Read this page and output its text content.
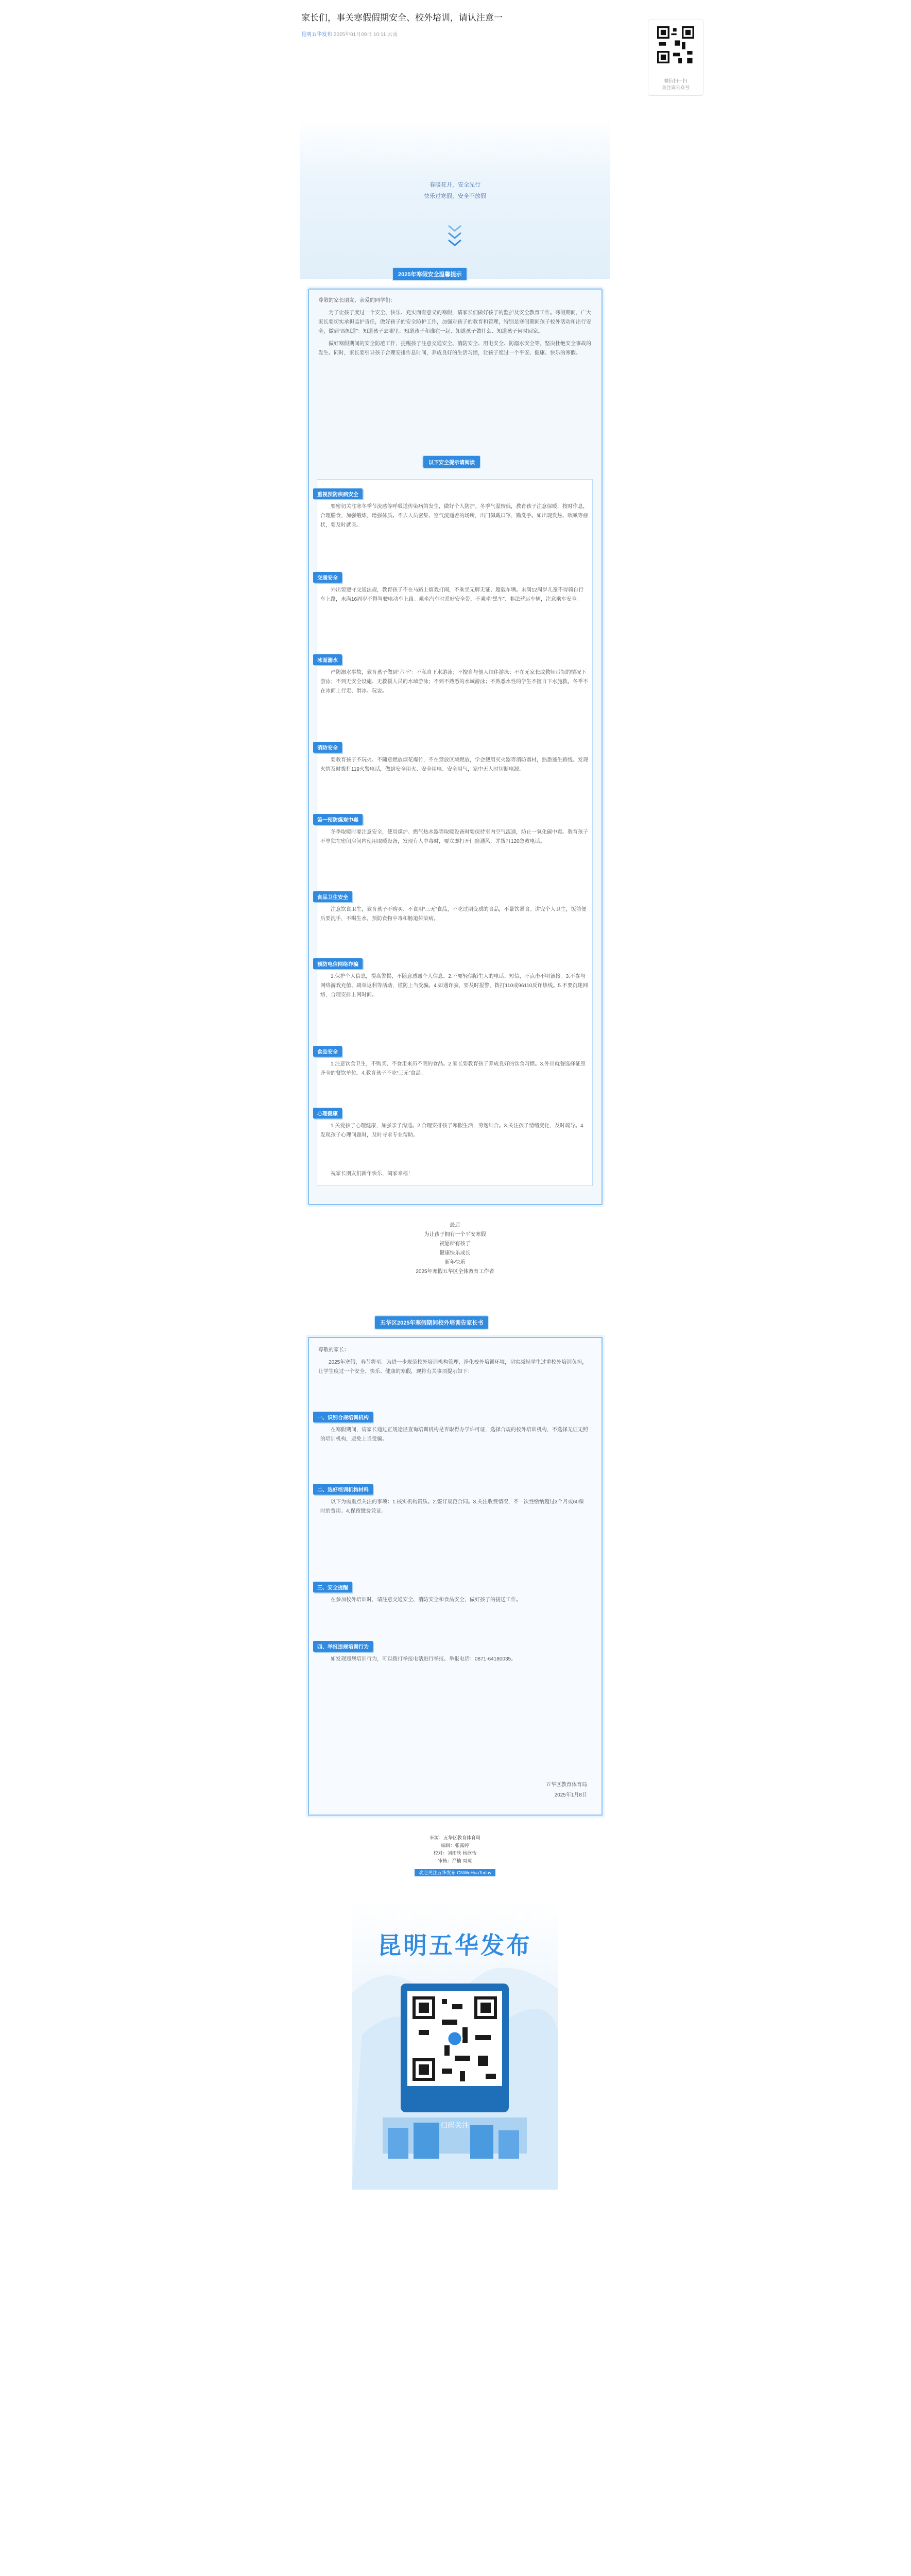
家长们，事关寒假假期安全、校外培训，请认注意一
昆明五华发布 2025年01月09日 10:11 云南
微信扫一扫
关注该公众号
春暖花开，安全先行
快乐过寒假，安全不放假
2025年寒假安全温馨提示

尊敬的家长朋友、亲爱的同学们：

为了让孩子度过一个安全、快乐、充实而有意义的寒假，请家长们做好孩子的监护及安全教育工作。寒假期间，广大家长要切实承担监护责任，做好孩子的安全防护工作，加强对孩子的教育和管理，特别是寒假期间孩子校外活动和出行安全，做到“四知道”：知道孩子去哪里、知道孩子和谁在一起、知道孩子做什么、知道孩子何时回家。

做好寒假期间的安全防范工作，提醒孩子注意交通安全、消防安全、用电安全、防溺水安全等，坚决杜绝安全事故的发生。同时，家长要引导孩子合理安排作息时间，养成良好的生活习惯，让孩子度过一个平安、健康、快乐的寒假。

以下安全提示请阅读
重视预防疾病安全

要密切关注寒冬季节流感等呼吸道传染病的发生，做好个人防护。冬季气温较低，教育孩子注意保暖，按时作息，合理膳食，加强锻炼，增强体质。不去人员密集、空气流通差的场所，出门佩戴口罩，勤洗手。如出现发热、咳嗽等症状，要及时就医。

交通安全

外出要遵守交通法规，教育孩子不在马路上嬉戏打闹，不乘坐无牌无证、超载车辆。未满12周岁儿童不得骑自行车上路，未满16周岁不得驾驶电动车上路。乘坐汽车时系好安全带，不乘坐“黑车”、非法营运车辆，注意乘车安全。

冰面溺水

严防溺水事故，教育孩子做到“六不”：不私自下水游泳；不擅自与他人结伴游泳；不在无家长或教师带领的情况下游泳；不到无安全设施、无救援人员的水域游泳；不到不熟悉的水域游泳；不熟悉水性的学生不擅自下水施救。冬季不在冰面上行走、滑冰、玩耍。

消防安全

要教育孩子不玩火、不随意燃放烟花爆竹，不在禁放区域燃放，学会使用灭火器等消防器材，熟悉逃生路线。发现火情及时拨打119火警电话，做到安全用火、安全用电、安全用气，家中无人时切断电源。

第一预防煤炭中毒

冬季取暖时要注意安全，使用煤炉、燃气热水器等取暖设备时要保持室内空气流通，防止一氧化碳中毒。教育孩子不单独在密闭房间内使用取暖设备，发现有人中毒时，要立即打开门窗通风，并拨打120急救电话。

食品卫生安全

注意饮食卫生，教育孩子不购买、不食用“三无”食品，不吃过期变质的食品，不暴饮暴食。讲究个人卫生，饭前便后要洗手，不喝生水，预防食物中毒和肠道传染病。

预防电信网络诈骗

1.保护个人信息，提高警惕，不随意透露个人信息。2.不要轻信陌生人的电话、短信，不点击不明链接。3.不参与网络游戏充值、刷单返利等活动，谨防上当受骗。4.如遇诈骗，要及时报警，拨打110或96110反诈热线。5.不要沉迷网络，合理安排上网时间。

食品安全

1.注意饮食卫生，不购买、不食用来历不明的食品。2.家长要教育孩子养成良好的饮食习惯。3.外出就餐选择证照齐全的餐饮单位。4.教育孩子不吃“三无”食品。

心理健康

1.关爱孩子心理健康，加强亲子沟通。2.合理安排孩子寒假生活，劳逸结合。3.关注孩子情绪变化，及时疏导。4.发现孩子心理问题时，及时寻求专业帮助。

祝家长朋友们新年快乐，阖家幸福！

最后
为让孩子拥有一个平安寒假
祝愿所有孩子
健康快乐成长
新年快乐
2025年寒假五华区全体教育工作者
五华区2025年寒假期间校外培训告家长书

尊敬的家长：

2025年寒假，春节将至。为进一步规范校外培训机构管理，净化校外培训环境，切实减轻学生过重校外培训负担，让学生度过一个安全、快乐、健康的寒假，现将有关事项提示如下：

一、识别合规培训机构

在寒假期间，请家长通过正规途径查询培训机构是否取得办学许可证，选择合规的校外培训机构，不选择无证无照的培训机构，避免上当受骗。

二、选好培训机构材料

以下为需重点关注的事项：1.核实机构资质。2.签订规范合同。3.关注收费情况，不一次性缴纳超过3个月或60课时的费用。4.保留缴费凭证。

三、安全提醒

在参加校外培训时，请注意交通安全、消防安全和食品安全，做好孩子的接送工作。

四、举报违规培训行为

如发现违规培训行为，可以拨打举报电话进行举报。举报电话：0871-64180035。

五华区教育体育局
2025年1月8日
来源：五华区教育体育局
编辑：张露婷
校对：刘雨欣 杨欣怡
审核：严楠 周琼
欢迎关注五华发布 CNWuHuaToday
昆明五华发布
扫码关注
